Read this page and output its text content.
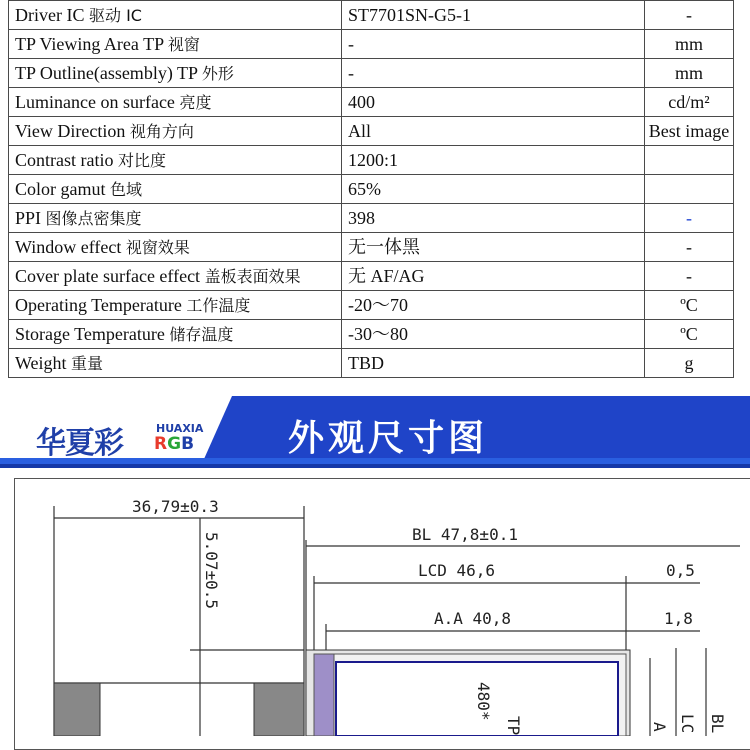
Driver IC 驱动 IC	ST7701SN-G5-1	-
TP Viewing Area TP 视窗	-	mm
TP Outline(assembly) TP 外形	-	mm
Luminance on surface 亮度	400	cd/m²
View Direction 视角方向	All	Best image
Contrast ratio 对比度	1200:1	
Color gamut 色域	65%	
PPI 图像点密集度	398	-
Window effect 视窗效果	无一体黑	-
Cover plate surface effect 盖板表面效果	无 AF/AG	-
Operating Temperature 工作温度	-20～70	ºC
Storage Temperature 储存温度	-30～80	ºC
Weight 重量	TBD	g
华夏彩	HUAXIA
RGB	外观尺寸图
36,79±0.3
5.07±0.5	BL 47,8±0.1
LCD 46,6	0,5
A.A 40,8	1,8
480*
TP	A LC BL
